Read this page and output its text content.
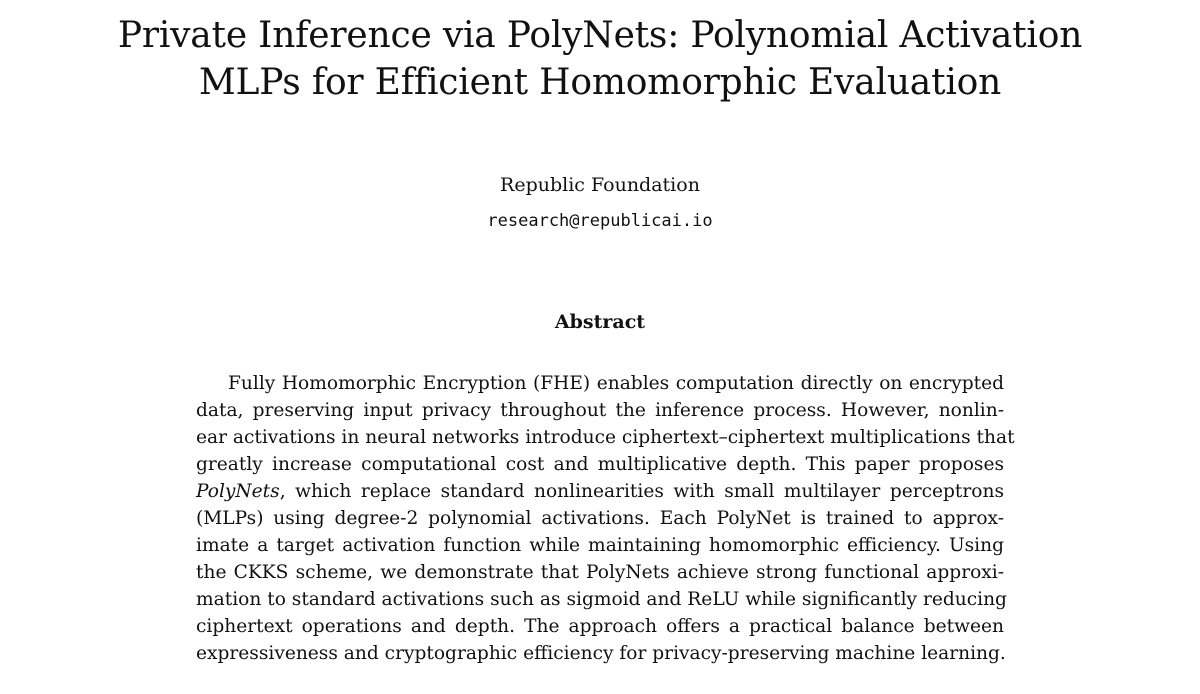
Private Inference via PolyNets: Polynomial Activation
MLPs for Efficient Homomorphic Evaluation
Republic Foundation
research@republicai.io
Abstract

Fully Homomorphic Encryption (FHE) enables computation directly on encrypted
data, preserving input privacy throughout the inference process. However, nonlin-
ear activations in neural networks introduce ciphertext–ciphertext multiplications that
greatly increase computational cost and multiplicative depth. This paper proposes
PolyNets, which replace standard nonlinearities with small multilayer perceptrons
(MLPs) using degree-2 polynomial activations. Each PolyNet is trained to approx-
imate a target activation function while maintaining homomorphic efficiency. Using
the CKKS scheme, we demonstrate that PolyNets achieve strong functional approxi-
mation to standard activations such as sigmoid and ReLU while significantly reducing
ciphertext operations and depth. The approach offers a practical balance between
expressiveness and cryptographic efficiency for privacy-preserving machine learning.
